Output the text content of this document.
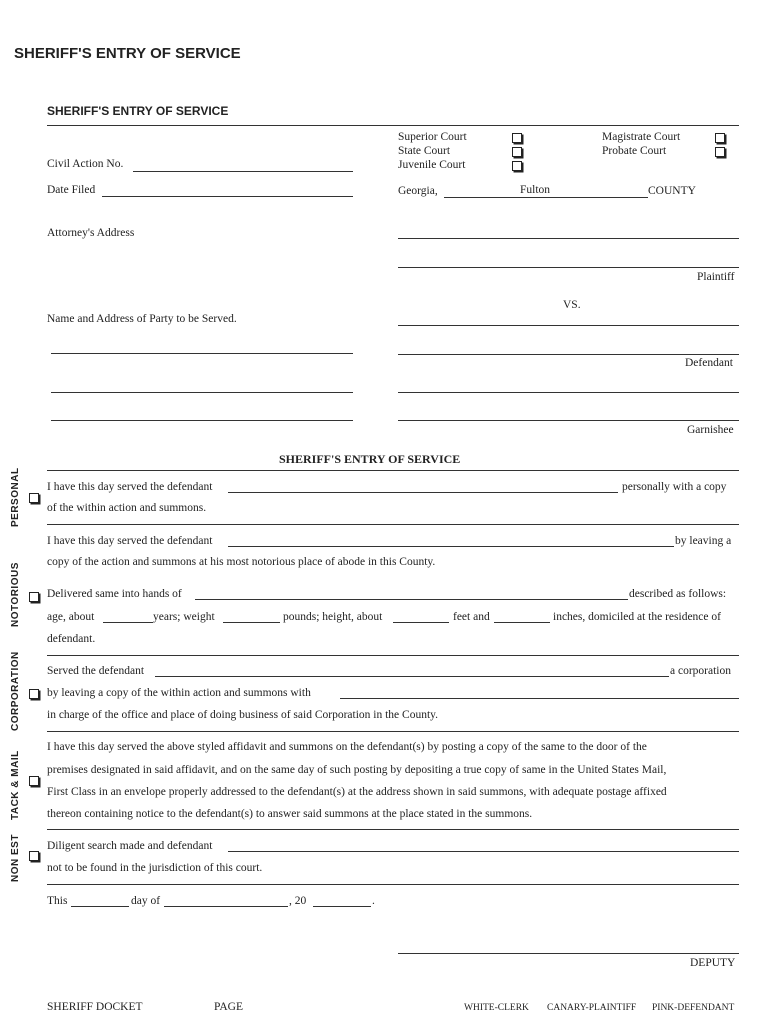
SHERIFF'S ENTRY OF SERVICE
SHERIFF'S ENTRY OF SERVICE
Superior Court
State Court
Juvenile Court
Magistrate Court
Probate Court
Civil Action No.
Date Filed	Georgia,	Fulton	COUNTY
Attorney's Address
Plaintiff
VS.
Name and Address of Party to be Served.
Defendant
Garnishee
SHERIFF'S ENTRY OF SERVICE
PERSONAL I have this day served the defendant	personally with a copy
of the within action and summons.
NOTORIOUS
I have this day served the defendant	by leaving a
copy of the action and summons at his most notorious place of abode in this County.
Delivered same into hands of	described as follows:
age, about	years; weight	pounds; height, about	feet and	inches, domiciled at the residence of
defendant.
CORPORATION Served the defendant	a corporation
by leaving a copy of the within action and summons with
in charge of the office and place of doing business of said Corporation in the County.
TACK & MAIL
I have this day served the above styled affidavit and summons on the defendant(s) by posting a copy of the same to the door of the
premises designated in said affidavit, and on the same day of such posting by depositing a true copy of same in the United States Mail,
First Class in an envelope properly addressed to the defendant(s) at the address shown in said summons, with adequate postage affixed
thereon containing notice to the defendant(s) to answer said summons at the place stated in the summons.
NON EST Diligent search made and defendant
not to be found in the jurisdiction of this court.
This	day of	, 20	.
DEPUTY
SHERIFF DOCKET	PAGE	WHITE-CLERK CANARY-PLAINTIFF PINK-DEFENDANT
